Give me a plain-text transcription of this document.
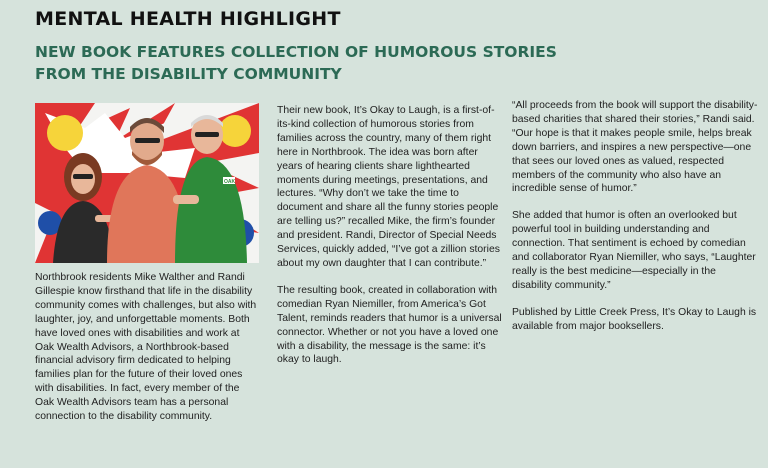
MENTAL HEALTH HIGHLIGHT
NEW BOOK FEATURES COLLECTION OF HUMOROUS STORIES FROM THE DISABILITY COMMUNITY
OAK

Northbrook residents Mike Walther and Randi Gillespie know firsthand that life in the disability community comes with challenges, but also with laughter, joy, and unforgettable moments. Both have loved ones with disabilities and work at Oak Wealth Advisors, a Northbrook-based financial advisory firm dedicated to helping families plan for the future of their loved ones with disabilities. In fact, every member of the Oak Wealth Advisors team has a personal connection to the disability community.

Their new book, It’s Okay to Laugh, is a first-of-its-kind collection of humorous stories from families across the country, many of them right here in Northbrook. The idea was born after years of hearing clients share lighthearted moments during meetings, presentations, and lectures. “Why don’t we take the time to document and share all the funny stories people are telling us?” recalled Mike, the firm’s founder and president. Randi, Director of Special Needs Services, quickly added, “I’ve got a zillion stories about my own daughter that I can contribute.”

The resulting book, created in collaboration with comedian Ryan Niemiller, from America’s Got Talent, reminds readers that humor is a universal connector. Whether or not you have a loved one with a disability, the message is the same: it’s okay to laugh.

“All proceeds from the book will support the disability-based charities that shared their stories,” Randi said. “Our hope is that it makes people smile, helps break down barriers, and inspires a new perspective—one that sees our loved ones as valued, respected members of the community who also have an incredible sense of humor.”

She added that humor is often an overlooked but powerful tool in building understanding and connection. That sentiment is echoed by comedian and collaborator Ryan Niemiller, who says, “Laughter really is the best medicine—especially in the disability community.”

Published by Little Creek Press, It’s Okay to Laugh is available from major booksellers.
